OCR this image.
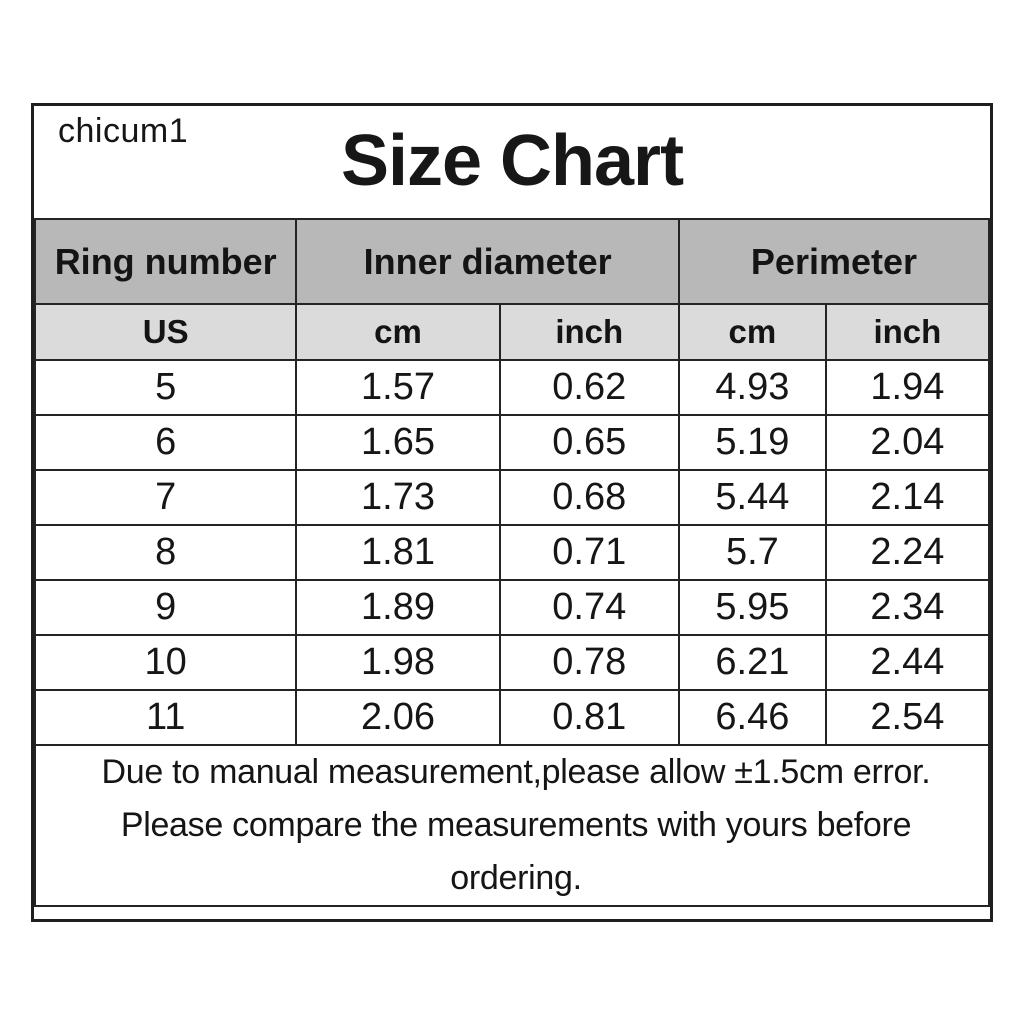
chicum1	Size Chart
Ring number	Inner diameter		Perimeter	
US	cm	inch	cm	inch
5	1.57	0.62	4.93	1.94
6	1.65	0.65	5.19	2.04
7	1.73	0.68	5.44	2.14
8	1.81	0.71	5.7	2.24
9	1.89	0.74	5.95	2.34
10	1.98	0.78	6.21	2.44
11	2.06	0.81	6.46	2.54

Due to manual measurement,please allow ±1.5cm error.
Please compare the measurements with yours before
ordering.				
